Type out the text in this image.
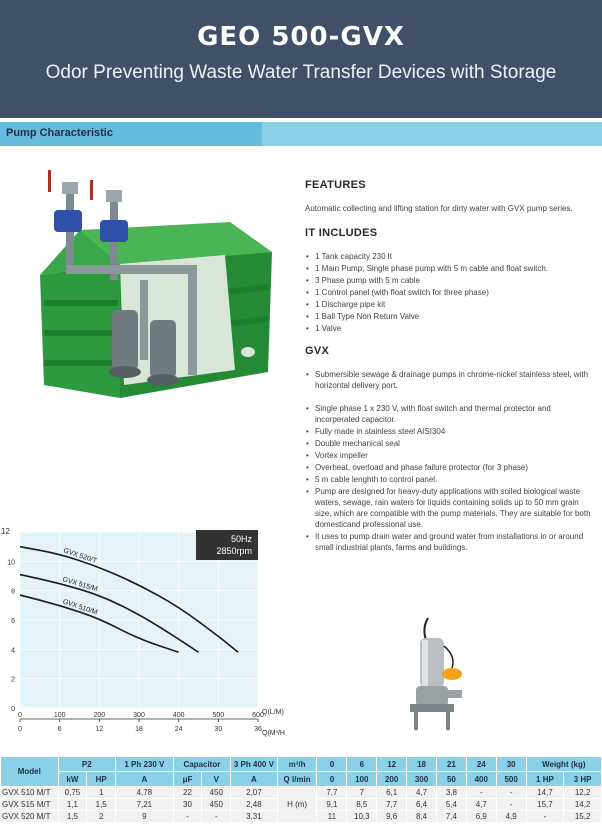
GEO 500-GVX
Odor Preventing Waste Water Transfer Devices with Storage
Pump Characteristic
FEATURES
Automatic collecting and lifting station for dirty water with GVX pump series.
IT INCLUDES
• 1 Tank capacity 230 lt
• 1 Main Pump; Single phase pump with 5 m cable and float switch.
• 3 Phase pump with 5 m cable
• 1 Control panel (with float switch for three phase)
• 1 Discharge pipe kit
• 1 Ball Type Non Return Valve
• 1 Valve
GVX
• Submersible sewage & drainage pumps in chrome-nickel stainless steel, with horizontal delivery port.
• Single phase 1 x 230 V, with float switch and thermal protector and incorperated capacitor.
• Fully made in stainless steel AISI304
• Double mechanical seal
• Vortex impeller
• Overheat, overload and phase failure protector (for 3 phase)
• 5 m cable lenghth to control panel.
• Pump are designed for heavy-duty applications with soiled biological waste waters, sewage, rain waters for liquids containing solids up to 50 mm grain size, which are compatible with the pump materials. They are suitable for both domesticand professional use.
• It uses to pump drain water and ground water from installations in or around small industrial plants, farms and buildings.
GVX 520/T
GVX 515/M
GVX 510/M
0	100	200	300	400	500	600
0
2
4
6
8
10
0	6	12	18	24	30	36
12
Q(L/M)
Q(M³/H)
50Hz
2850rpm
Model	P2		1 Ph 230 V	Capacitor		3 Ph 400 V	m³/h	0	6	12	18	21	24	30	Weight (kg)	
	kW	HP	A	μF	V	A	Q l/min	0	100	200	300	50	400	500	1 HP	3 HP
GVX 510 M/T	0,75	1	4,78	22	450	2,07	H (m)	7,7	7	6,1	4,7	3,8	-	-	14,7	12,2
GVX 515 M/T	1,1	1,5	7,21	30	450	2,48		9,1	8,5	7,7	6,4	5,4	4,7	-	15,7	14,2
GVX 520 M/T	1,5	2	9	-	-	3,31		11	10,3	9,6	8,4	7,4	6,9	4,9	-	15,2
